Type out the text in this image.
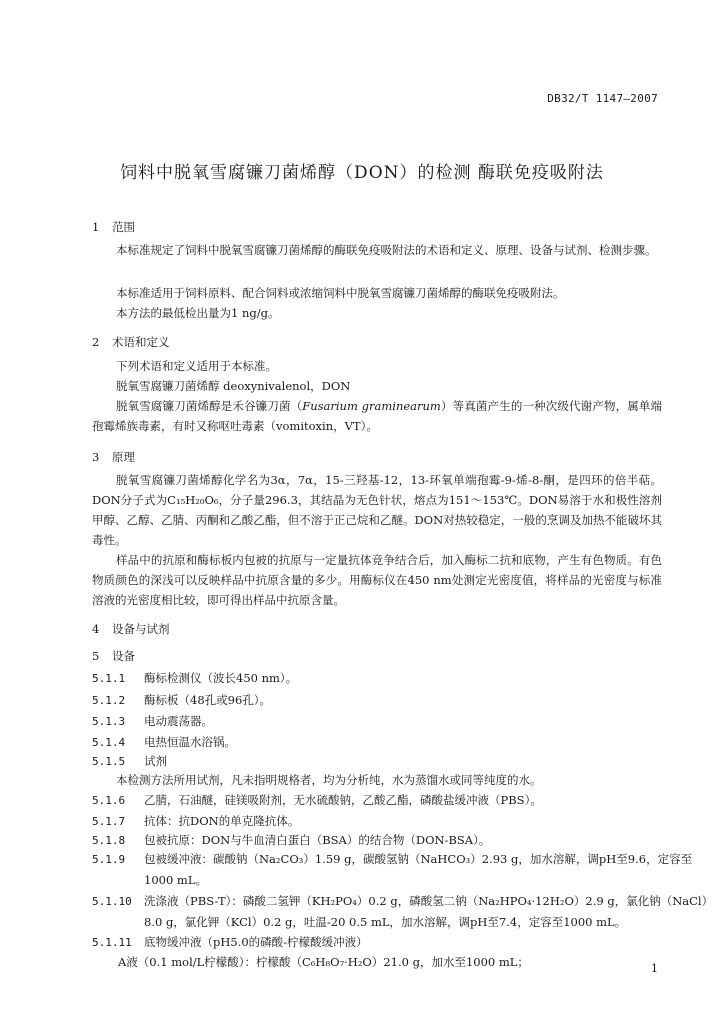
DB32/T 1147—2007
饲料中脱氧雪腐镰刀菌烯醇（DON）的检测 酶联免疫吸附法
1 范围
本标准规定了饲料中脱氧雪腐镰刀菌烯醇的酶联免疫吸附法的术语和定义、原理、设备与试剂、检测步骤。
本标准适用于饲料原料、配合饲料或浓缩饲料中脱氧雪腐镰刀菌烯醇的酶联免疫吸附法。
本方法的最低检出量为1 ng/g。
2 术语和定义
下列术语和定义适用于本标准。
脱氧雪腐镰刀菌烯醇 deoxynivalenol，DON
脱氧雪腐镰刀菌烯醇是禾谷镰刀菌（Fusarium graminearum）等真菌产生的一种次级代谢产物，属单端孢霉烯族毒素，有时又称呕吐毒素（vomitoxin，VT）。
3 原理
脱氧雪腐镰刀菌烯醇化学名为3α，7α，15-三羟基-12，13-环氧单端孢霉-9-烯-8-酮，是四环的倍半萜。DON分子式为C₁₅H₂₀O₆，分子量296.3，其结晶为无色针状，熔点为151～153℃。DON易溶于水和极性溶剂甲醇、乙醇、乙腈、丙酮和乙酸乙酯，但不溶于正己烷和乙醚。DON对热较稳定，一般的烹调及加热不能破坏其毒性。
样品中的抗原和酶标板内包被的抗原与一定量抗体竞争结合后，加入酶标二抗和底物，产生有色物质。有色物质颜色的深浅可以反映样品中抗原含量的多少。用酶标仪在450 nm处测定光密度值，将样品的光密度与标准溶液的光密度相比较，即可得出样品中抗原含量。
4 设备与试剂
5 设备
5.1.1 酶标检测仪（波长450 nm）。
5.1.2 酶标板（48孔或96孔）。
5.1.3 电动震荡器。
5.1.4 电热恒温水浴锅。
5.1.5 试剂
本检测方法所用试剂，凡未指明规格者，均为分析纯，水为蒸馏水或同等纯度的水。
5.1.6 乙腈，石油醚，硅镁吸附剂，无水硫酸钠，乙酸乙酯，磷酸盐缓冲液（PBS）。
5.1.7 抗体：抗DON的单克隆抗体。
5.1.8 包被抗原：DON与牛血清白蛋白（BSA）的结合物（DON-BSA）。
5.1.9 包被缓冲液：碳酸钠（Na₂CO₃）1.59 g，碳酸氢钠（NaHCO₃）2.93 g，加水溶解，调pH至9.6，定容至1000 mL。
5.1.10 洗涤液（PBS-T）：磷酸二氢钾（KH₂PO₄）0.2 g，磷酸氢二钠（Na₂HPO₄·12H₂O）2.9 g，氯化钠（NaCl）8.0 g，氯化钾（KCl）0.2 g，吐温-20 0.5 mL，加水溶解，调pH至7.4，定容至1000 mL。
5.1.11 底物缓冲液（pH5.0的磷酸-柠檬酸缓冲液）
A液（0.1 mol/L柠檬酸）：柠檬酸（C₆H₈O₇·H₂O）21.0 g，加水至1000 mL；	1
